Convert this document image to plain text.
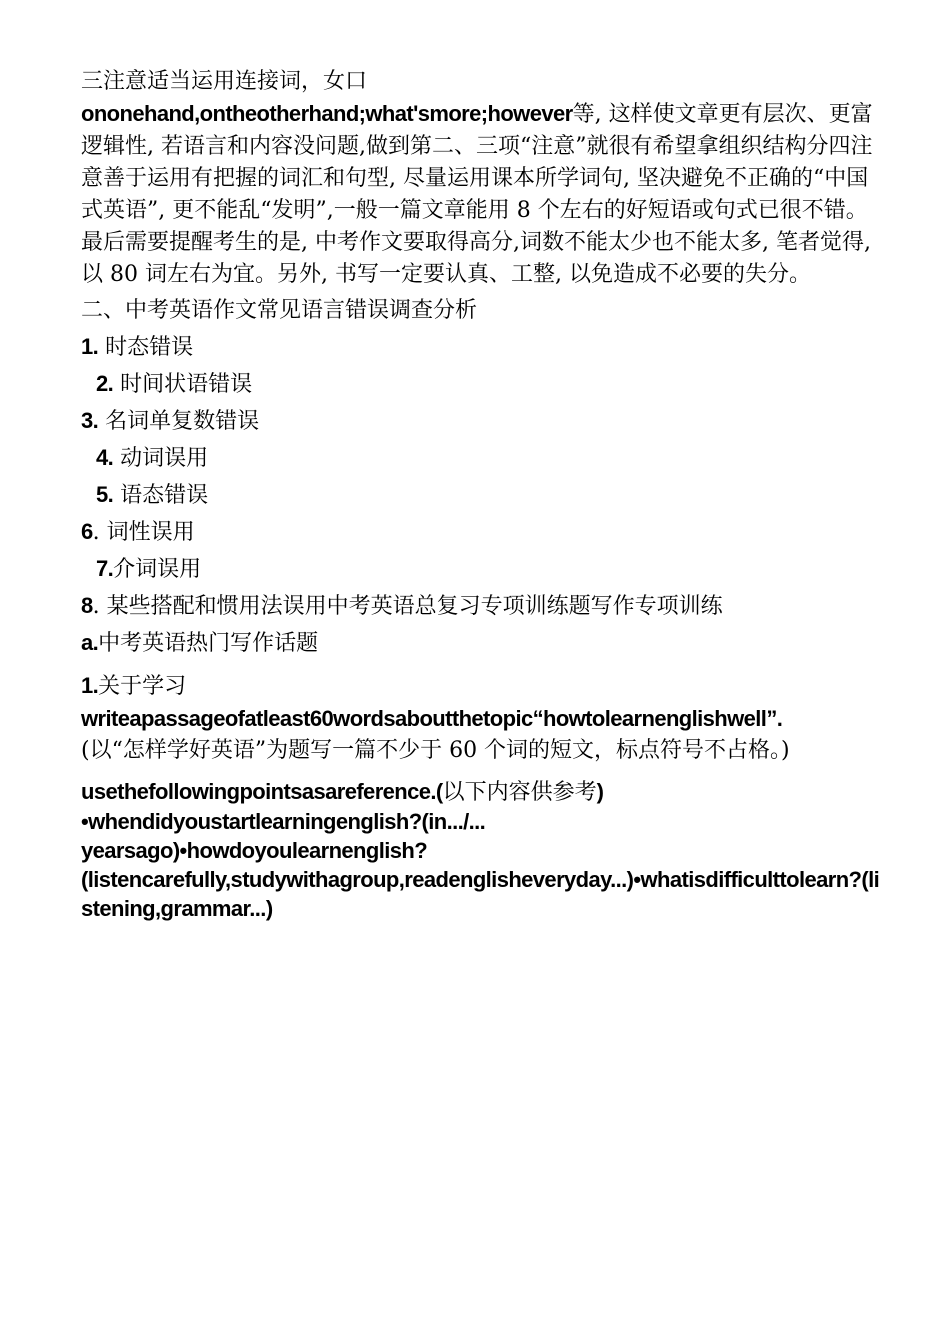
三注意适当运用连接词，女口

ononehand,ontheotherhand;what'smore;however等, 这样使文章更有层次、更富逻辑性, 若语言和内容没问题,做到第二、三项“注意”就很有希望拿组织结构分四注意善于运用有把握的词汇和句型, 尽量运用课本所学词句, 坚决避免不正确的“中国式英语”, 更不能乱“发明”,一般一篇文章能用 8 个左右的好短语或句式已很不错。

最后需要提醒考生的是, 中考作文要取得高分,词数不能太少也不能太多, 笔者觉得,以 80 词左右为宜。另外, 书写一定要认真、工整, 以免造成不必要的失分。

二、中考英语作文常见语言错误调查分析

1. 时态错误

2. 时间状语错误

3. 名词单复数错误

4. 动词误用

5. 语态错误

6. 词性误用

7.介词误用

8. 某些搭配和惯用法误用中考英语总复习专项训练题写作专项训练

a.中考英语热门写作话题

1.关于学习

writeapassageofatleast60wordsaboutthetopic“howtolearnenglishwell”.

(以“怎样学好英语”为题写一篇不少于 60 个词的短文，标点符号不占格。)

usethefollowingpointsasareference.(以下内容供参考)

•whendidyoustartlearningenglish?(in.../...

yearsago)•howdoyoulearnenglish?

(listencarefully,studywithagroup,readenglisheveryday...)•whatisdifficulttolearn?(listening,grammar...)
